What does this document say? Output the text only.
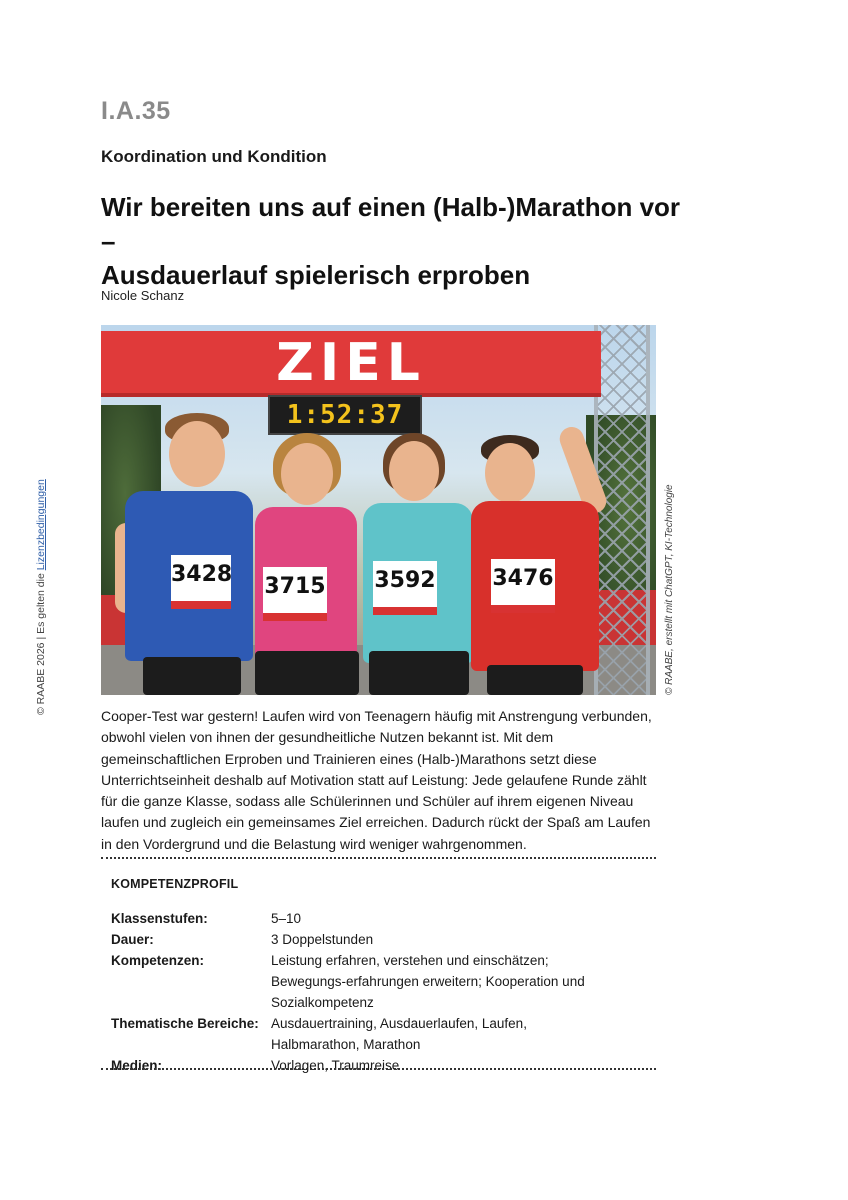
I.A.35
Koordination und Kondition
Wir bereiten uns auf einen (Halb-)Marathon vor –
Ausdauerlauf spielerisch erproben
Nicole Schanz
© RAABE 2026 | Es gelten die Lizenzbedingungen
ZIEL
1:52:37
3428 3715 3592	3476	© RAABE, erstellt mit ChatGPT, KI-Technologie

Cooper-Test war gestern! Laufen wird von Teenagern häufig mit Anstrengung verbunden, obwohl vielen von ihnen der gesundheitliche Nutzen bekannt ist. Mit dem gemeinschaftlichen Erproben und Trainieren eines (Halb-)Marathons setzt diese Unterrichtseinheit deshalb auf Motivation statt auf Leistung: Jede gelaufene Runde zählt für die ganze Klasse, sodass alle Schülerinnen und Schüler auf ihrem eigenen Niveau laufen und zugleich ein gemeinsames Ziel erreichen. Dadurch rückt der Spaß am Laufen in den Vordergrund und die Belastung wird weniger wahrgenommen.

KOMPETENZPROFIL
Klassenstufen:	5–10
Dauer:	3 Doppelstunden
Kompetenzen:	Leistung erfahren, verstehen und einschätzen; Bewegungs-erfahrungen erweitern; Kooperation und Sozialkompetenz
Thematische Bereiche: Ausdauertraining, Ausdauerlaufen, Laufen, Halbmarathon, Marathon
Medien:	Vorlagen, Traumreise
